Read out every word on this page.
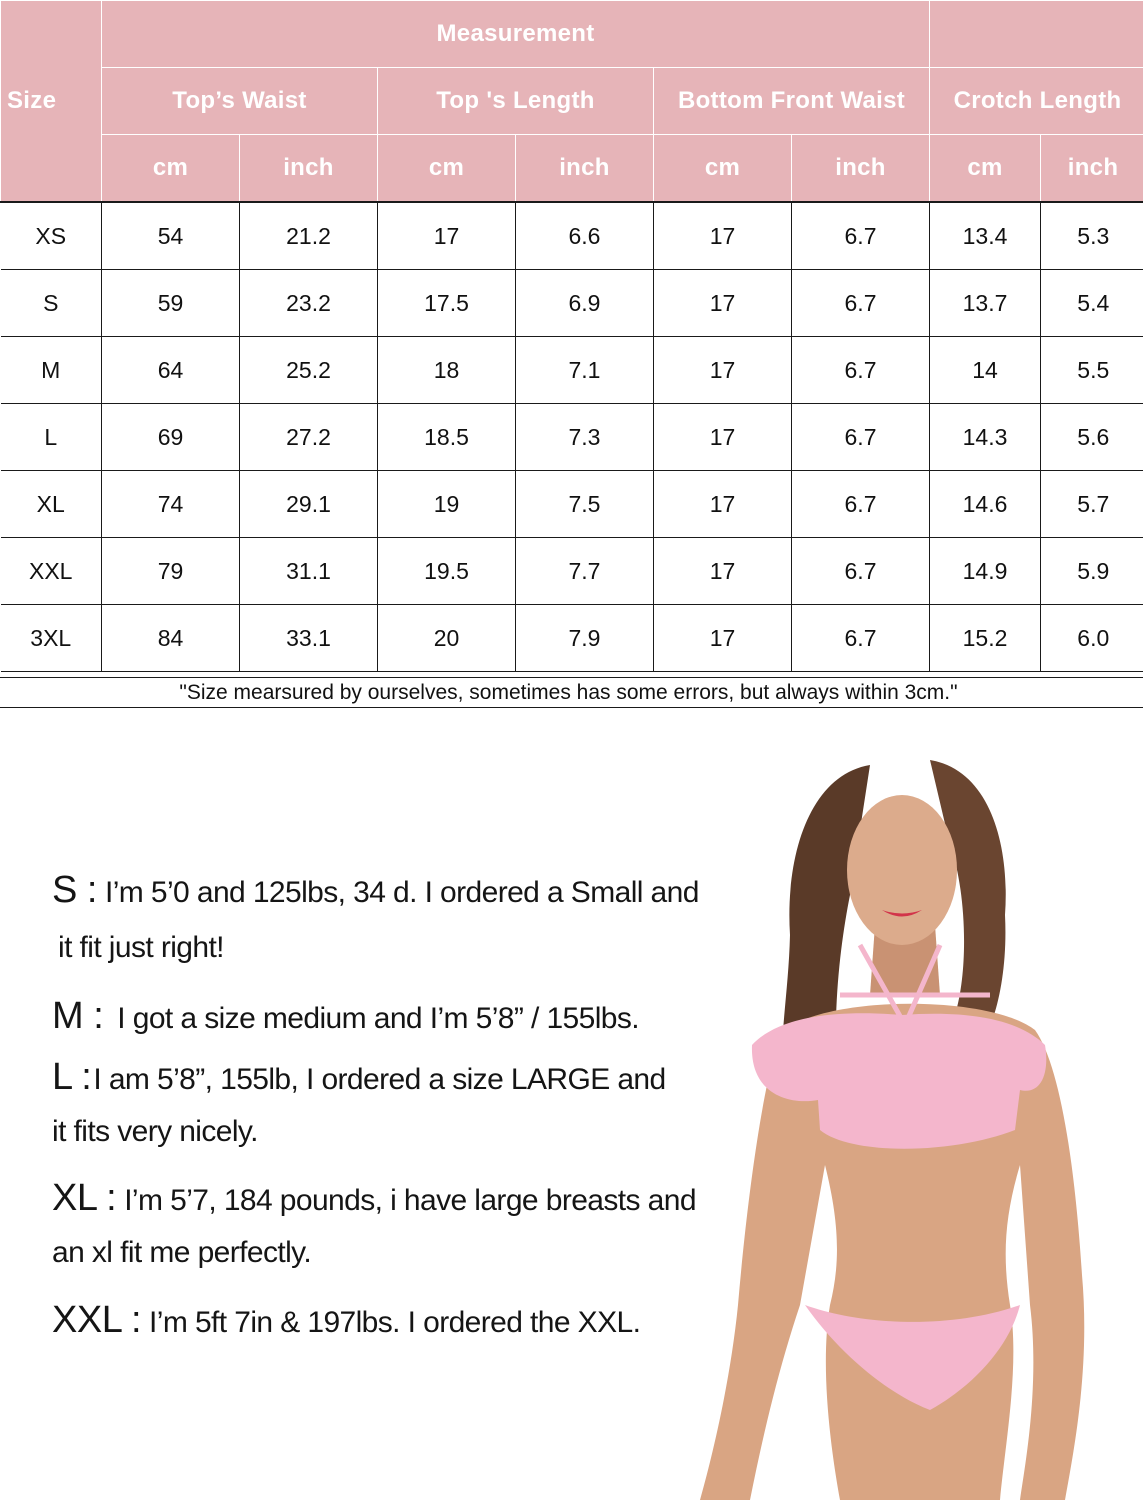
Size	Measurement							
	Top’s Waist		Top 's Length		Bottom Front Waist		Crotch Length	
	cm	inch	cm	inch	cm	inch	cm	inch
XS	54	21.2	17	6.6	17	6.7	13.4	5.3
S	59	23.2	17.5	6.9	17	6.7	13.7	5.4
M	64	25.2	18	7.1	17	6.7	14	5.5
L	69	27.2	18.5	7.3	17	6.7	14.3	5.6
XL	74	29.1	19	7.5	17	6.7	14.6	5.7
XXL	79	31.1	19.5	7.7	17	6.7	14.9	5.9
3XL	84	33.1	20	7.9	17	6.7	15.2	6.0
"Size mearsured by ourselves, sometimes has some errors, but always within 3cm."
S : I’m 5’0 and 125lbs, 34 d. I ordered a Small and
it fit just right!
M : I got a size medium and I’m 5’8” / 155lbs.
L :I am 5’8”, 155lb, I ordered a size LARGE and
it fits very nicely.
XL : I’m 5’7, 184 pounds, i have large breasts and
an xl fit me perfectly.
XXL : I’m 5ft 7in & 197lbs. I ordered the XXL.
